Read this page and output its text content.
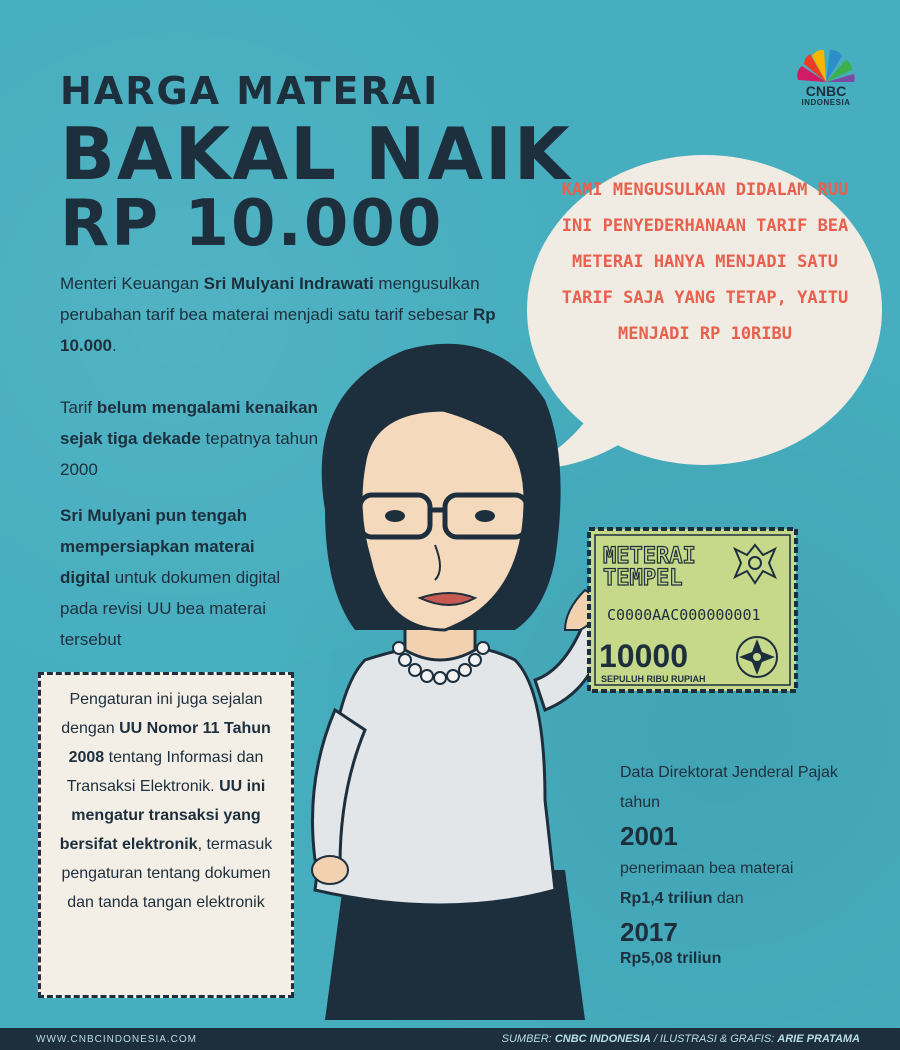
HARGA MATERAI
BAKAL NAIK
RP 10.000
CNBC
INDONESIA

Menteri Keuangan Sri Mulyani Indrawati mengusulkan perubahan tarif bea materai menjadi satu tarif sebesar Rp 10.000.

Tarif belum mengalami kenaikan sejak tiga dekade tepatnya tahun 2000

Sri Mulyani pun tengah mempersiapkan materai digital untuk dokumen digital pada revisi UU bea materai tersebut

KAMI MENGUSULKAN DIDALAM RUU INI PENYEDERHANAAN TARIF BEA METERAI HANYA MENJADI SATU TARIF SAJA YANG TETAP, YAITU MENJADI RP 10RIBU
METERAI
TEMPEL
C0000AAC000000001
10000
SEPULUH RIBU RUPIAH
Pengaturan ini juga sejalan dengan UU Nomor 11 Tahun 2008 tentang Informasi dan Transaksi Elektronik. UU ini mengatur transaksi yang bersifat elektronik, termasuk pengaturan tentang dokumen dan tanda tangan elektronik
Data Direktorat Jenderal Pajak tahun
2001
penerimaan bea materai
Rp1,4 triliun dan
2017
Rp5,08 triliun
WWW.CNBCINDONESIA.COM	SUMBER: CNBC INDONESIA / ILUSTRASI & GRAFIS: ARIE PRATAMA
